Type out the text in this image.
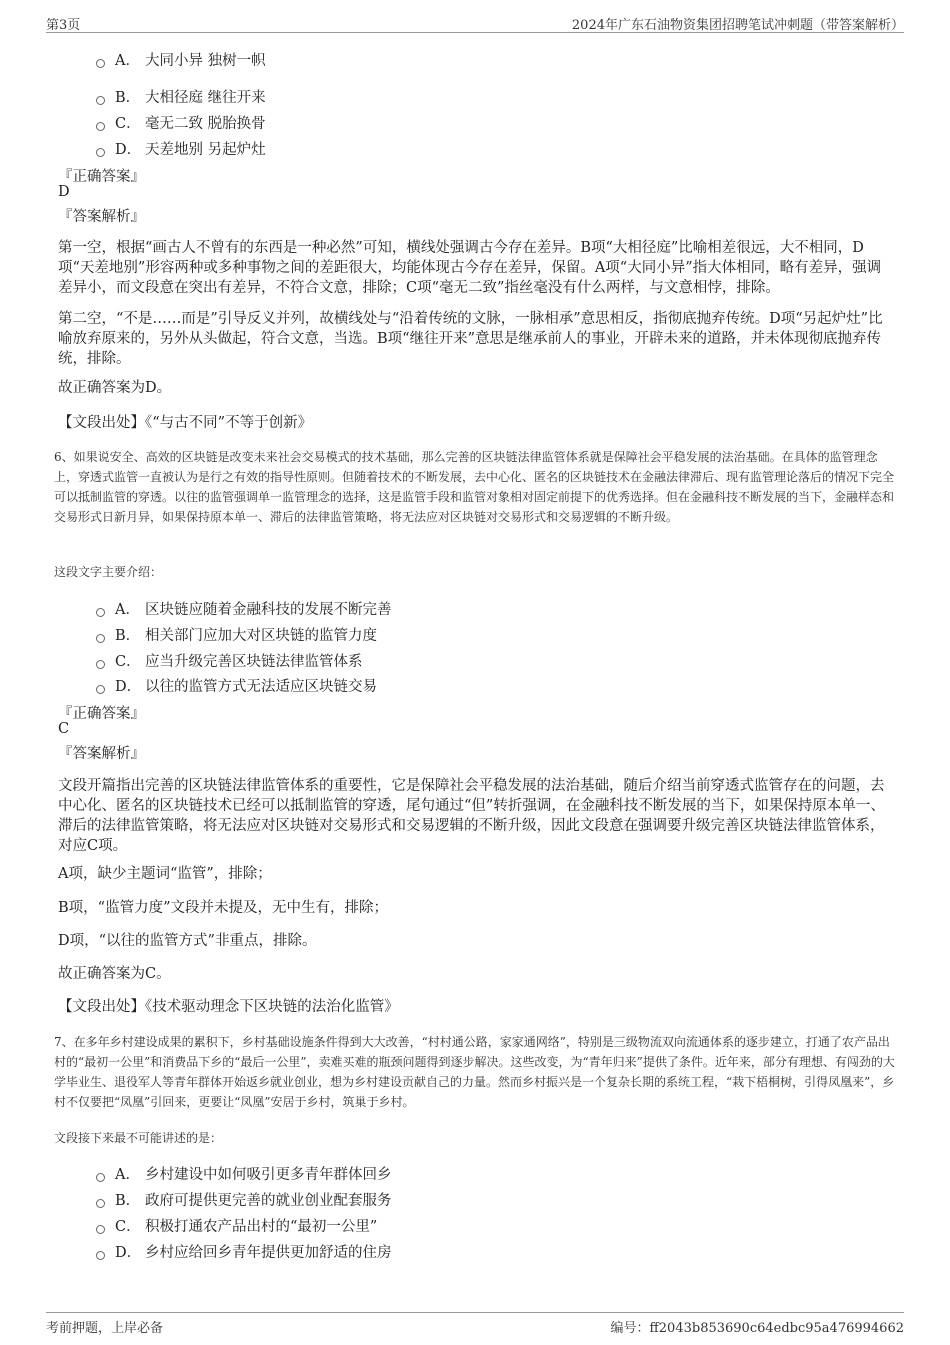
第3页	2024年广东石油物资集团招聘笔试冲刺题（带答案解析）
A． 大同小异 独树一帜
B． 大相径庭 继往开来
C． 毫无二致 脱胎换骨
D． 天差地别 另起炉灶
『正确答案』
D
『答案解析』
第一空，根据“画古人不曾有的东西是一种必然”可知，横线处强调古今存在差异。B项“大相径庭”比喻相差很远，大不相同，D项“天差地别”形容两种或多种事物之间的差距很大，均能体现古今存在差异，保留。A项“大同小异”指大体相同，略有差异，强调差异小，而文段意在突出有差异，不符合文意，排除；C项“毫无二致”指丝毫没有什么两样，与文意相悖，排除。
第二空，“不是……而是”引导反义并列，故横线处与“沿着传统的文脉，一脉相承”意思相反，指彻底抛弃传统。D项“另起炉灶”比喻放弃原来的，另外从头做起，符合文意，当选。B项“继往开来”意思是继承前人的事业，开辟未来的道路，并未体现彻底抛弃传统，排除。
故正确答案为D。
【文段出处】《“与古不同”不等于创新》
6、如果说安全、高效的区块链是改变未来社会交易模式的技术基础，那么完善的区块链法律监管体系就是保障社会平稳发展的法治基础。在具体的监管理念上，穿透式监管一直被认为是行之有效的指导性原则。但随着技术的不断发展，去中心化、匿名的区块链技术在金融法律滞后、现有监管理论落后的情况下完全可以抵制监管的穿透。以往的监管强调单一监管理念的选择，这是监管手段和监管对象相对固定前提下的优秀选择。但在金融科技不断发展的当下，金融样态和交易形式日新月异，如果保持原本单一、滞后的法律监管策略，将无法应对区块链对交易形式和交易逻辑的不断升级。
这段文字主要介绍：
A． 区块链应随着金融科技的发展不断完善
B． 相关部门应加大对区块链的监管力度
C． 应当升级完善区块链法律监管体系
D． 以往的监管方式无法适应区块链交易
『正确答案』
C
『答案解析』
文段开篇指出完善的区块链法律监管体系的重要性，它是保障社会平稳发展的法治基础，随后介绍当前穿透式监管存在的问题，去中心化、匿名的区块链技术已经可以抵制监管的穿透，尾句通过“但”转折强调，在金融科技不断发展的当下，如果保持原本单一、滞后的法律监管策略，将无法应对区块链对交易形式和交易逻辑的不断升级，因此文段意在强调要升级完善区块链法律监管体系，对应C项。
A项，缺少主题词“监管”，排除；
B项，“监管力度”文段并未提及，无中生有，排除；
D项，“以往的监管方式”非重点，排除。
故正确答案为C。
【文段出处】《技术驱动理念下区块链的法治化监管》
7、在多年乡村建设成果的累积下，乡村基础设施条件得到大大改善，“村村通公路，家家通网络”，特别是三级物流双向流通体系的逐步建立，打通了农产品出村的“最初一公里”和消费品下乡的“最后一公里”，卖难买难的瓶颈问题得到逐步解决。这些改变，为“青年归来”提供了条件。近年来，部分有理想、有闯劲的大学毕业生、退役军人等青年群体开始返乡就业创业，想为乡村建设贡献自己的力量。然而乡村振兴是一个复杂长期的系统工程，“栽下梧桐树，引得凤凰来”，乡村不仅要把“凤凰”引回来，更要让“凤凰”安居于乡村，筑巢于乡村。
文段接下来最不可能讲述的是：
A． 乡村建设中如何吸引更多青年群体回乡
B． 政府可提供更完善的就业创业配套服务
C． 积极打通农产品出村的“最初一公里”
D． 乡村应给回乡青年提供更加舒适的住房
考前押题，上岸必备	编号：ff2043b853690c64edbc95a476994662
